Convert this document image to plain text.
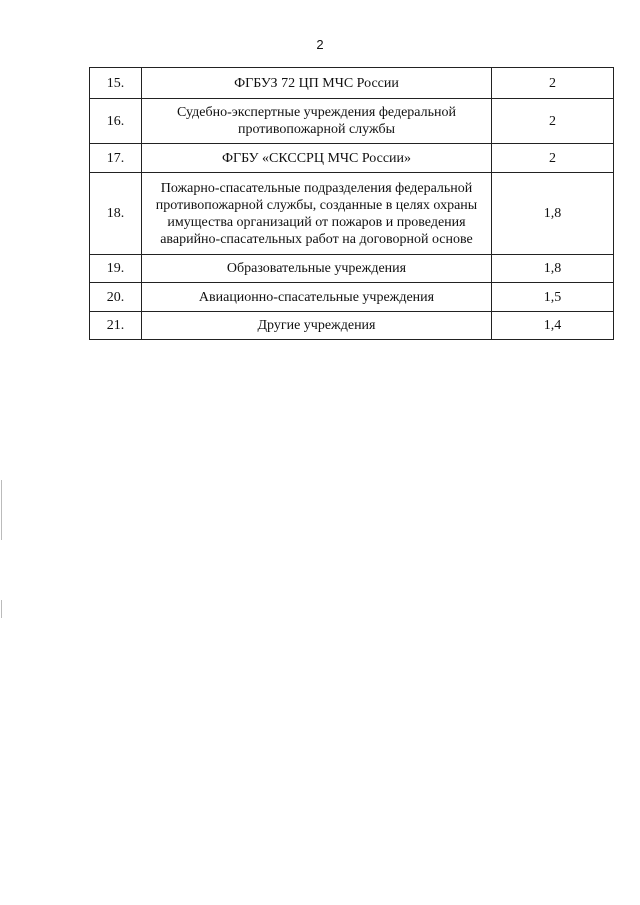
2
15.	ФГБУЗ 72 ЦП МЧС России	2
16.	Судебно-экспертные учреждения федеральной противопожарной службы	2
17.	ФГБУ «СКССРЦ МЧС России»	2
18.	Пожарно-спасательные подразделения федеральной противопожарной службы, созданные в целях охраны имущества организаций от пожаров и проведения аварийно-спасательных работ на договорной основе	1,8
19.	Образовательные учреждения	1,8
20.	Авиационно-спасательные учреждения	1,5
21.	Другие учреждения	1,4
